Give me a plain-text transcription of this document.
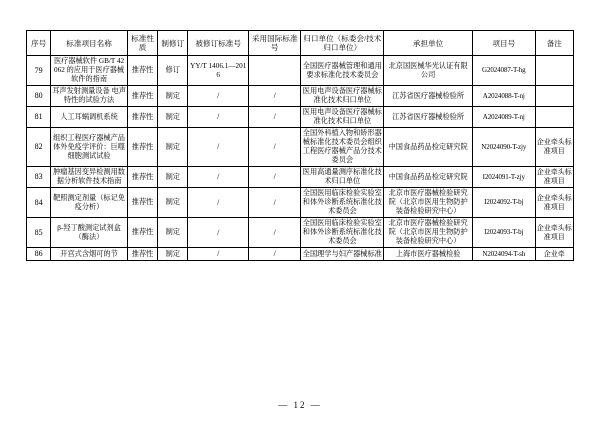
序号	标准项目名称	标准性质	制修订	被修订标准号	采用国际标准号	归口单位（标委会/技术归口单位）	承担单位	项目号	备注
79	医疗器械软件 GB/T 42062 的应用于医疗器械软件的指南	推荐性	修订	YY/T 1406.1—2016		全国医疗器械管理和通用要求标准化技术委员会	北京国医械华光认证有限公司	G2024087-T-hg	
80	耳声发射测量设备 电声特性的试验方法	推荐性	制定	/	/	医用电声设备医疗器械标准化技术归口单位	江苏省医疗器械检验所	A2024088-T-nj	
81	人工耳蜗调机系统	推荐性	制定	/	/	医用电声设备医疗器械标准化技术归口单位	江苏省医疗器械检验所	A2024089-T-nj	
82	组织工程医疗器械产品 体外免疫学评价：巨噬细胞测试试验	推荐性	制定	/	/	全国外科植入物和矫形器械标准化技术委员会组织工程医疗器械产品分技术委员会	中国食品药品检定研究院	N2024090-T-zjy	企业牵头标准项目
83	肿瘤基因变异检测用数据分析软件技术指南	推荐性	制定	/	/	医用高通量测序标准化技术归口单位	中国食品药品检定研究院	I2024091-T-zjy	企业牵头标准项目
84	靶照测定剂量（标记免疫分析）	推荐性	制定	/	/	全国医用临床检验实验室和体外诊断系统标准化技术委员会	北京市医疗器械检验研究院（北京市医用生物防护装备检验研究中心）	I2024092-T-bj	企业牵头标准项目
85	β-羟丁酸测定试剂盒（酶法）	推荐性	制定	/	/	全国医用临床检验实验室和体外诊断系统标准化技术委员会	北京市医疗器械检验研究院（北京市医用生物防护装备检验研究中心）	I2024093-T-bj	企业牵头标准项目
86	开宫式含烟可的节	推荐性	制定	/	/	全国理学与妇产器械标准	上海市医疗器械检验	N2024094-T-sh	企业牵
— 12 —
